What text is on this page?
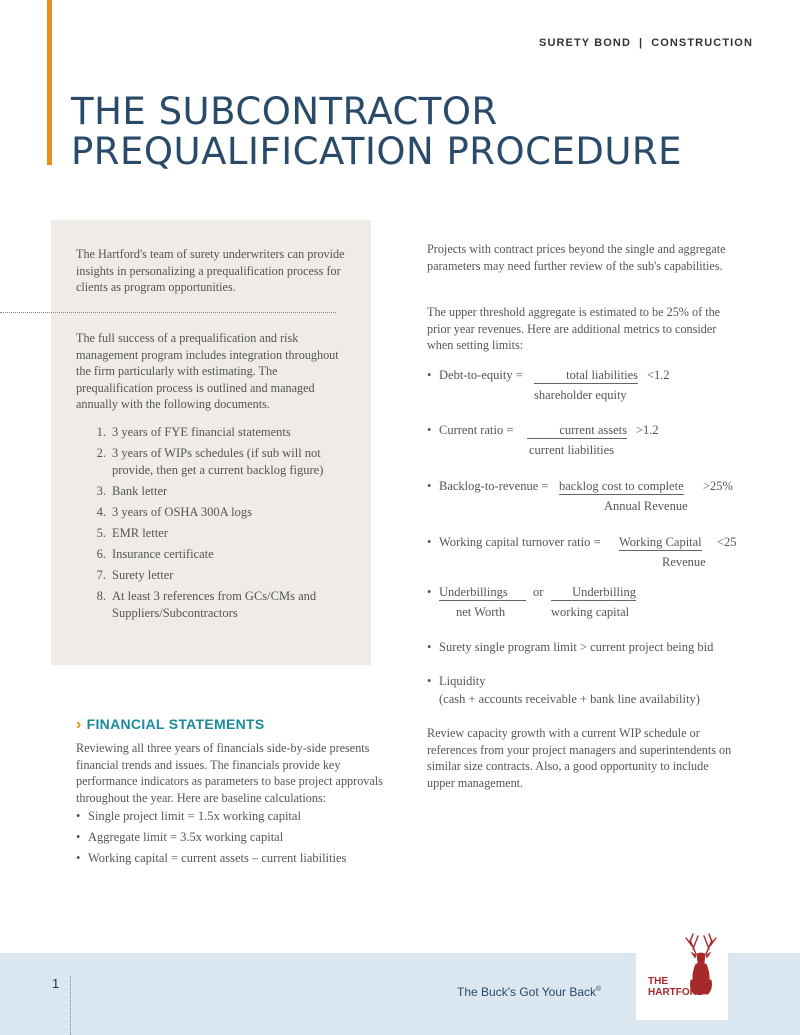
SURETY BOND | CONSTRUCTION
THE SUBCONTRACTOR
PREQUALIFICATION PROCEDURE

The Hartford's team of surety underwriters can provide insights in personalizing a prequalification process for clients as program opportunities.

The full success of a prequalification and risk management program includes integration throughout the firm particularly with estimating. The prequalification process is outlined and managed annually with the following documents.

1. 3 years of FYE financial statements
2. 3 years of WIPs schedules (if sub will not provide, then get a current backlog figure)
3. Bank letter
4. 3 years of OSHA 300A logs
5. EMR letter
6. Insurance certificate
7. Surety letter
8. At least 3 references from GCs/CMs and Suppliers/Subcontractors
› FINANCIAL STATEMENTS

Reviewing all three years of financials side-by-side presents financial trends and issues. The financials provide key performance indicators as parameters to base project approvals throughout the year. Here are baseline calculations:

• Single project limit = 1.5x working capital
• Aggregate limit = 3.5x working capital
• Working capital = current assets – current liabilities

Projects with contract prices beyond the single and aggregate parameters may need further review of the sub's capabilities.

The upper threshold aggregate is estimated to be 25% of the prior year revenues. Here are additional metrics to consider when setting limits:

• Debt-to-equity =	total liabilities <1.2
shareholder equity
• Current ratio =	current assets >1.2
current liabilities
• Backlog-to-revenue = backlog cost to complete >25%
Annual Revenue
• Working capital turnover ratio = Working Capital <25
Revenue
• Underbillings
net Worth
or	Underbilling
working capital
• Surety single program limit > current project being bid
• Liquidity
(cash + accounts receivable + bank line availability)

Review capacity growth with a current WIP schedule or references from your project managers and superintendents on similar size contracts. Also, a good opportunity to include upper management.

1
The Buck's Got Your Back®
THE
HARTFORD
